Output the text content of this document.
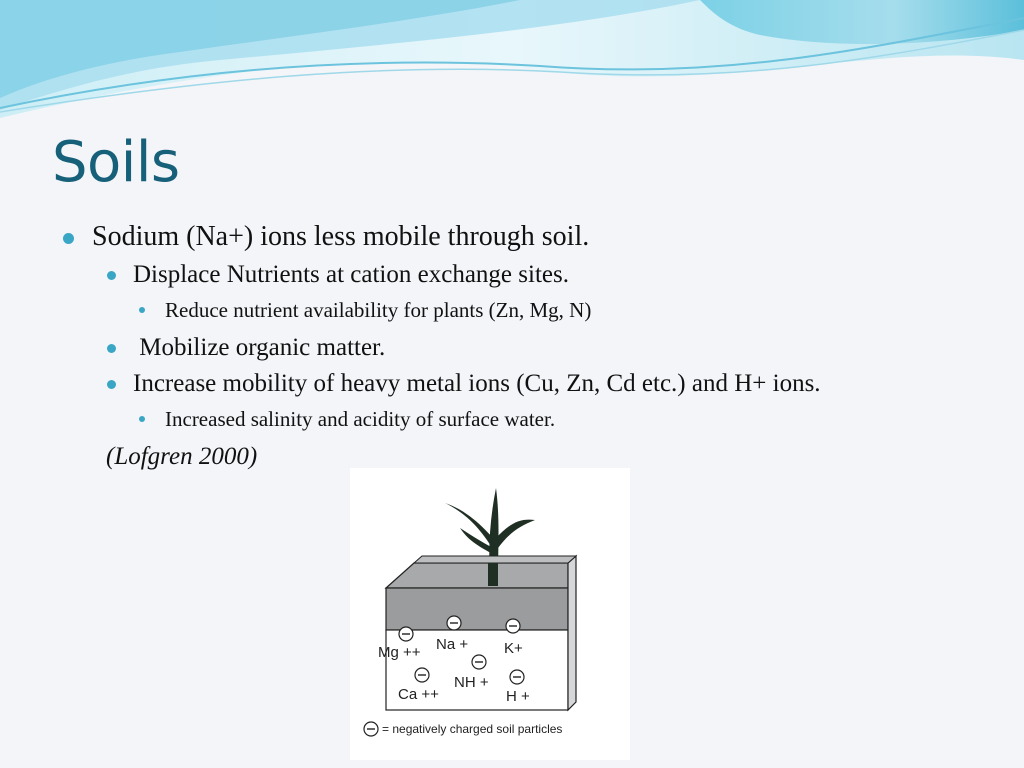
Soils
Sodium (Na+) ions less mobile through soil.
Displace Nutrients at cation exchange sites.
Reduce nutrient availability for plants (Zn, Mg, N)
Mobilize organic matter.
Increase mobility of heavy metal ions (Cu, Zn, Cd etc.) and H+ ions.
Increased salinity and acidity of surface water.
(Lofgren 2000)
Mg ++ Na + K+
Ca ++
NH +
H +
= negatively charged soil particles
